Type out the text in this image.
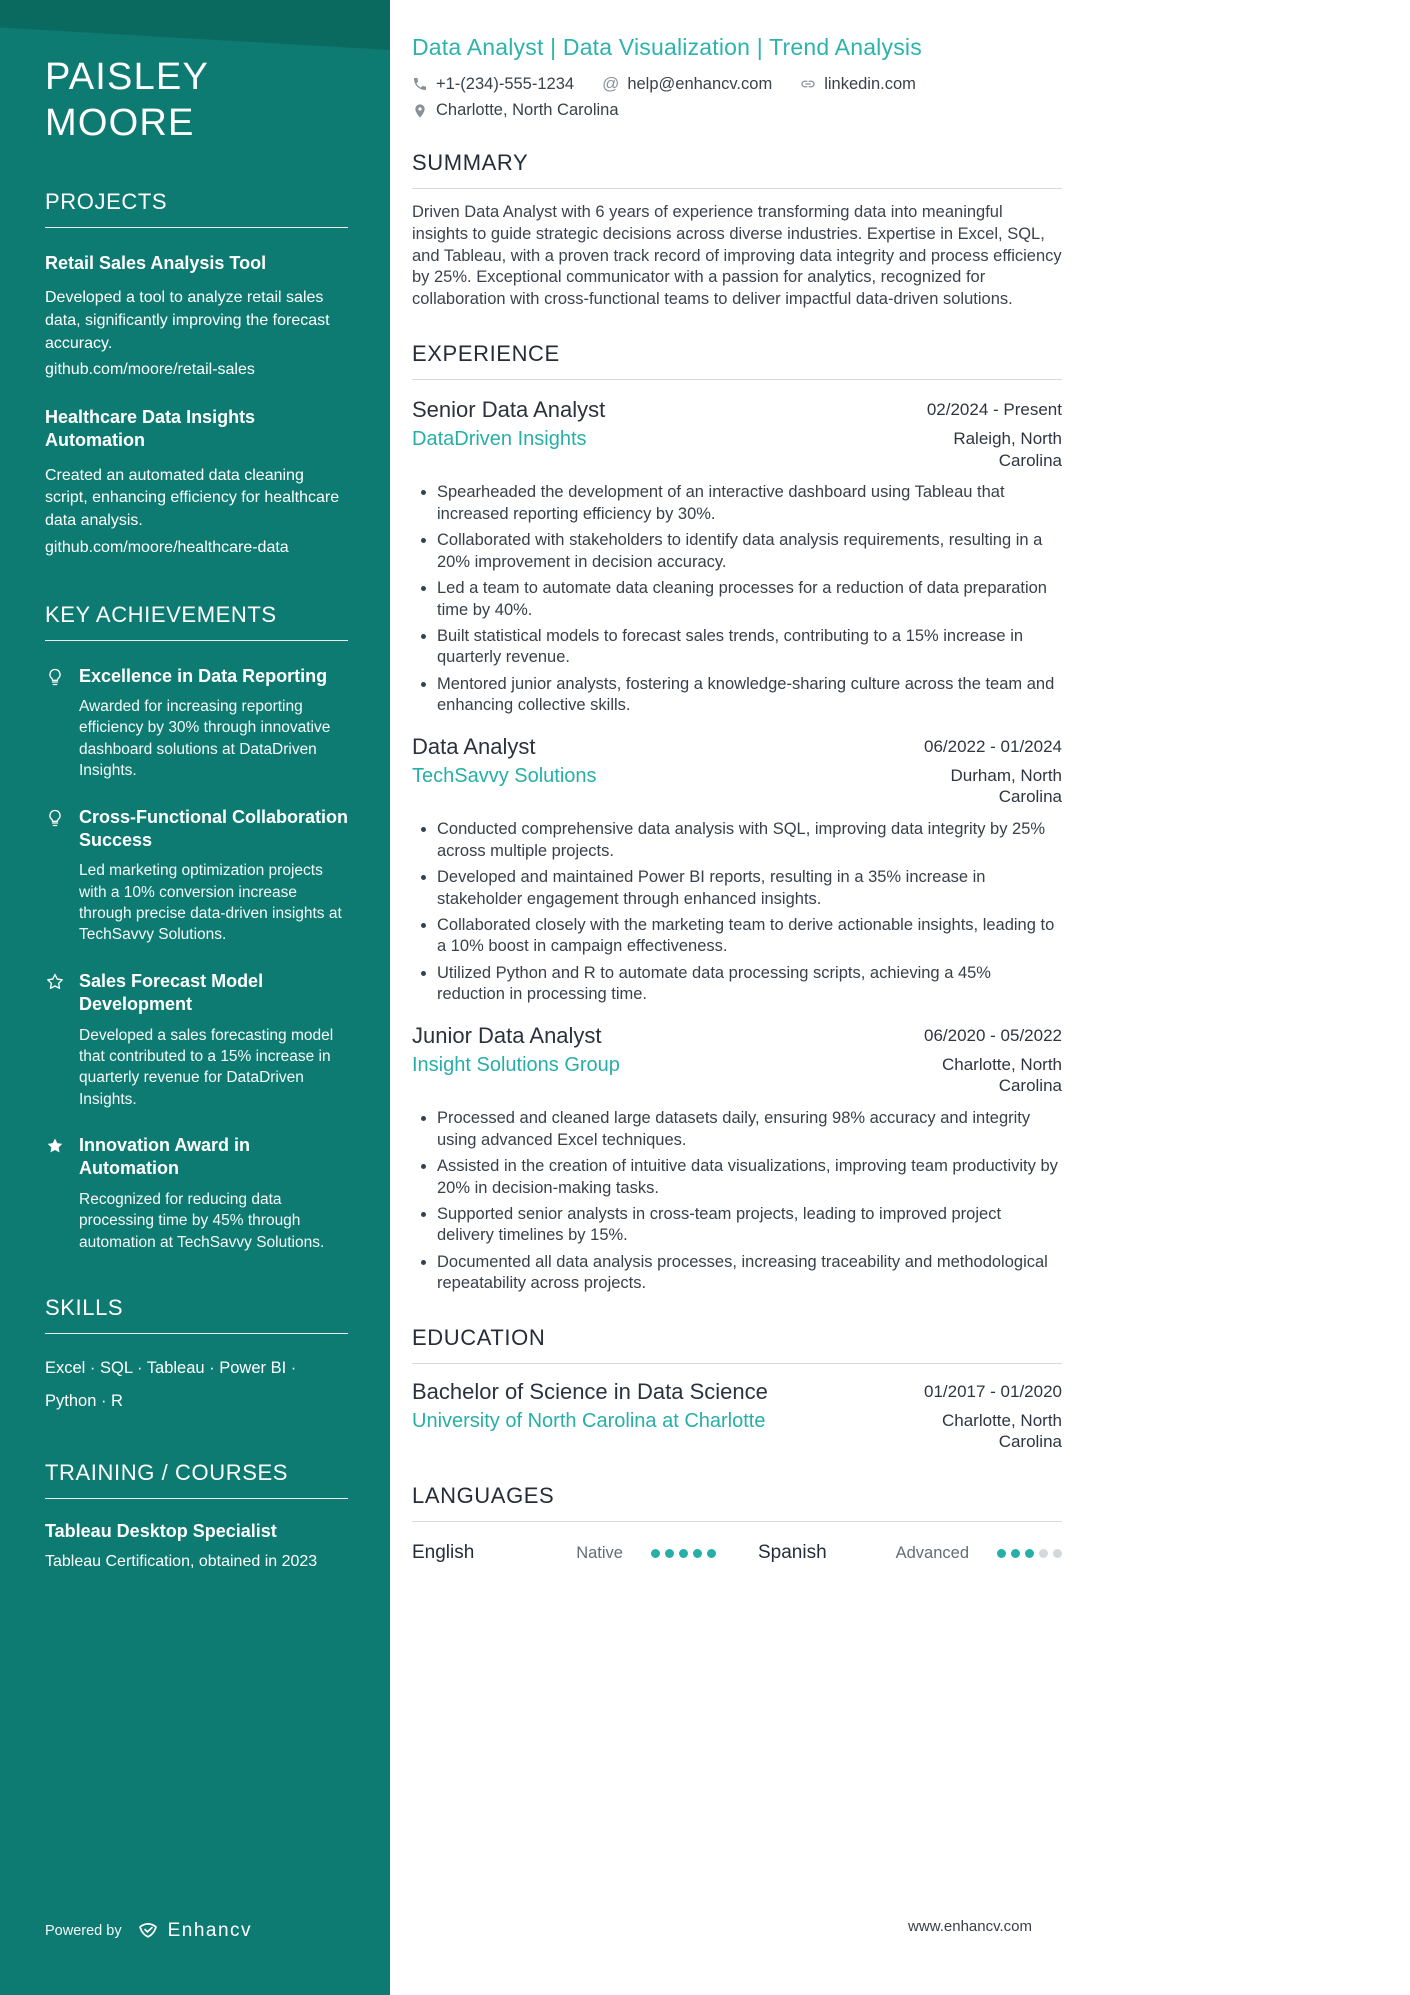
PAISLEY
MOORE
PROJECTS
Retail Sales Analysis Tool
Developed a tool to analyze retail sales data, significantly improving the forecast accuracy.
github.com/moore/retail-sales
Healthcare Data Insights Automation
Created an automated data cleaning script, enhancing efficiency for healthcare data analysis.
github.com/moore/healthcare-data
KEY ACHIEVEMENTS
Excellence in Data Reporting
Awarded for increasing reporting efficiency by 30% through innovative dashboard solutions at DataDriven Insights.
Cross-Functional Collaboration Success
Led marketing optimization projects with a 10% conversion increase through precise data-driven insights at TechSavvy Solutions.
Sales Forecast Model Development
Developed a sales forecasting model that contributed to a 15% increase in quarterly revenue for DataDriven Insights.
Innovation Award in Automation
Recognized for reducing data processing time by 45% through automation at TechSavvy Solutions.
SKILLS

Excel · SQL · Tableau · Power BI · Python · R

TRAINING / COURSES
Tableau Desktop Specialist
Tableau Certification, obtained in 2023
Powered by Enhancv
Data Analyst | Data Visualization | Trend Analysis
+1-(234)-555-1234 @ help@enhancv.com	linkedin.com
Charlotte, North Carolina
SUMMARY

Driven Data Analyst with 6 years of experience transforming data into meaningful insights to guide strategic decisions across diverse industries. Expertise in Excel, SQL, and Tableau, with a proven track record of improving data integrity and process efficiency by 25%. Exceptional communicator with a passion for analytics, recognized for collaboration with cross-functional teams to deliver impactful data-driven solutions.

EXPERIENCE
Senior Data Analyst	02/2024 - Present
DataDriven Insights	Raleigh, North Carolina
• Spearheaded the development of an interactive dashboard using Tableau that increased reporting efficiency by 30%.
• Collaborated with stakeholders to identify data analysis requirements, resulting in a 20% improvement in decision accuracy.
• Led a team to automate data cleaning processes for a reduction of data preparation time by 40%.
• Built statistical models to forecast sales trends, contributing to a 15% increase in quarterly revenue.
• Mentored junior analysts, fostering a knowledge-sharing culture across the team and enhancing collective skills.
Data Analyst	06/2022 - 01/2024
TechSavvy Solutions	Durham, North Carolina
• Conducted comprehensive data analysis with SQL, improving data integrity by 25% across multiple projects.
• Developed and maintained Power BI reports, resulting in a 35% increase in stakeholder engagement through enhanced insights.
• Collaborated closely with the marketing team to derive actionable insights, leading to a 10% boost in campaign effectiveness.
• Utilized Python and R to automate data processing scripts, achieving a 45% reduction in processing time.
Junior Data Analyst	06/2020 - 05/2022
Insight Solutions Group	Charlotte, North Carolina
• Processed and cleaned large datasets daily, ensuring 98% accuracy and integrity using advanced Excel techniques.
• Assisted in the creation of intuitive data visualizations, improving team productivity by 20% in decision-making tasks.
• Supported senior analysts in cross-team projects, leading to improved project delivery timelines by 15%.
• Documented all data analysis processes, increasing traceability and methodological repeatability across projects.
EDUCATION
Bachelor of Science in Data Science	01/2017 - 01/2020
University of North Carolina at Charlotte	Charlotte, North Carolina
LANGUAGES
English	Native	Spanish	Advanced
www.enhancv.com
